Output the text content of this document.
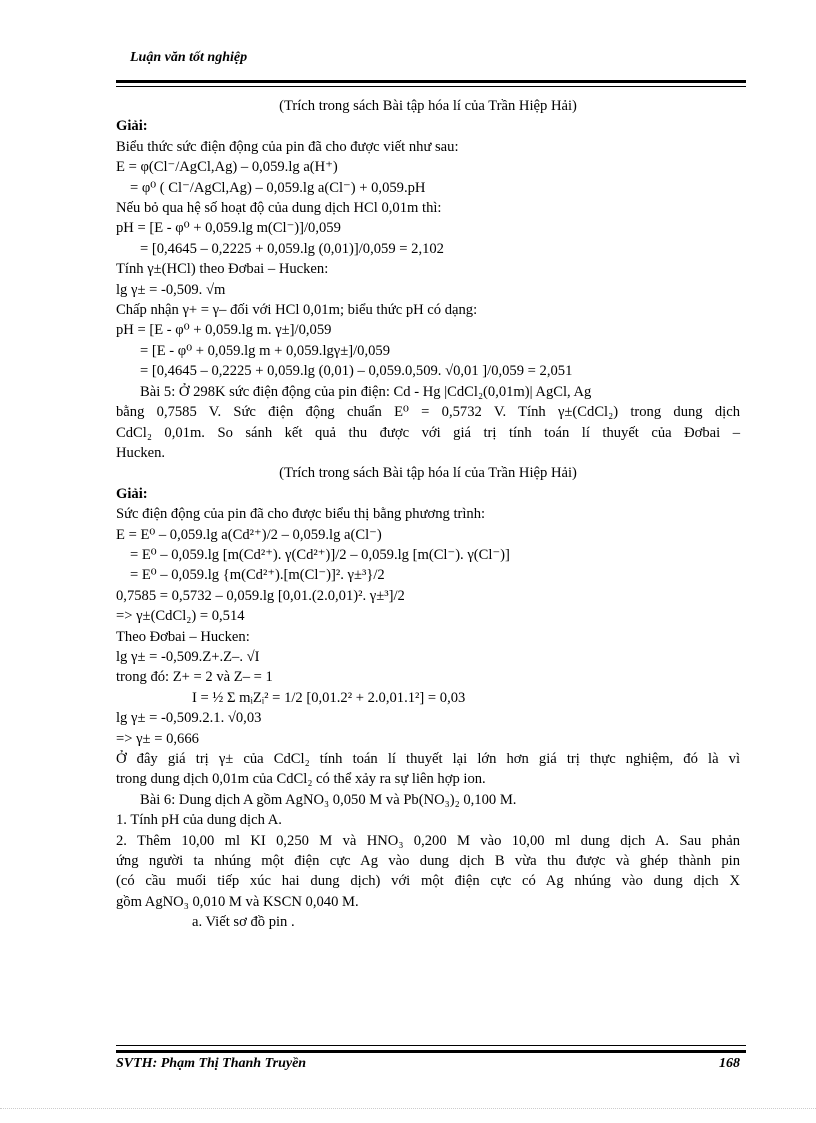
Luận văn tốt nghiệp
(Trích trong sách Bài tập hóa lí của Trần Hiệp Hải)
Giải:
Biểu thức sức điện động của pin đã cho được viết như sau:
E = φ(Cl⁻/AgCl,Ag) – 0,059.lg a(H⁺)
= φ⁰ ( Cl⁻/AgCl,Ag) – 0,059.lg a(Cl⁻) + 0,059.pH
Nếu bỏ qua hệ số hoạt độ của dung dịch HCl 0,01m thì:
pH = [E - φ⁰ + 0,059.lg m(Cl⁻)]/0,059
= [0,4645 – 0,2225 + 0,059.lg (0,01)]/0,059 = 2,102
Tính γ±(HCl) theo Đơbai – Hucken:
lg γ± = -0,509. √m
Chấp nhận γ+ = γ– đối với HCl 0,01m; biểu thức pH có dạng:
pH = [E - φ⁰ + 0,059.lg m. γ±]/0,059
= [E - φ⁰ + 0,059.lg m + 0,059.lgγ±]/0,059
= [0,4645 – 0,2225 + 0,059.lg (0,01) – 0,059.0,509. √0,01 ]/0,059 = 2,051
Bài 5: Ở 298K sức điện động của pin điện: Cd - Hg |CdCl₂(0,01m)| AgCl, Ag
bằng 0,7585 V. Sức điện động chuẩn E⁰ = 0,5732 V. Tính γ±(CdCl₂) trong dung dịch
CdCl₂ 0,01m. So sánh kết quả thu được với giá trị tính toán lí thuyết của Đơbai –
Hucken.
(Trích trong sách Bài tập hóa lí của Trần Hiệp Hải)
Giải:
Sức điện động của pin đã cho được biểu thị bằng phương trình:
E = E⁰ – 0,059.lg a(Cd²⁺)/2 – 0,059.lg a(Cl⁻)
= E⁰ – 0,059.lg [m(Cd²⁺). γ(Cd²⁺)]/2 – 0,059.lg [m(Cl⁻). γ(Cl⁻)]
= E⁰ – 0,059.lg {m(Cd²⁺).[m(Cl⁻)]². γ±³}/2
0,7585 = 0,5732 – 0,059.lg [0,01.(2.0,01)². γ±³]/2
=> γ±(CdCl₂) = 0,514
Theo Đơbai – Hucken:
lg γ± = -0,509.Z+.Z–. √I
trong đó: Z+ = 2 và Z– = 1
I = ½ Σ mᵢZᵢ² = 1/2 [0,01.2² + 2.0,01.1²] = 0,03
lg γ± = -0,509.2.1. √0,03
=> γ± = 0,666
Ở đây giá trị γ± của CdCl₂ tính toán lí thuyết lại lớn hơn giá trị thực nghiệm, đó là vì
trong dung dịch 0,01m của CdCl₂ có thể xảy ra sự liên hợp ion.
Bài 6: Dung dịch A gồm AgNO₃ 0,050 M và Pb(NO₃)₂ 0,100 M.
1. Tính pH của dung dịch A.
2. Thêm 10,00 ml KI 0,250 M và HNO₃ 0,200 M vào 10,00 ml dung dịch A. Sau phản
ứng người ta nhúng một điện cực Ag vào dung dịch B vừa thu được và ghép thành pin
(có cầu muối tiếp xúc hai dung dịch) với một điện cực có Ag nhúng vào dung dịch X
gồm AgNO₃ 0,010 M và KSCN 0,040 M.
a. Viết sơ đồ pin .
SVTH: Phạm Thị Thanh Truyền	168
